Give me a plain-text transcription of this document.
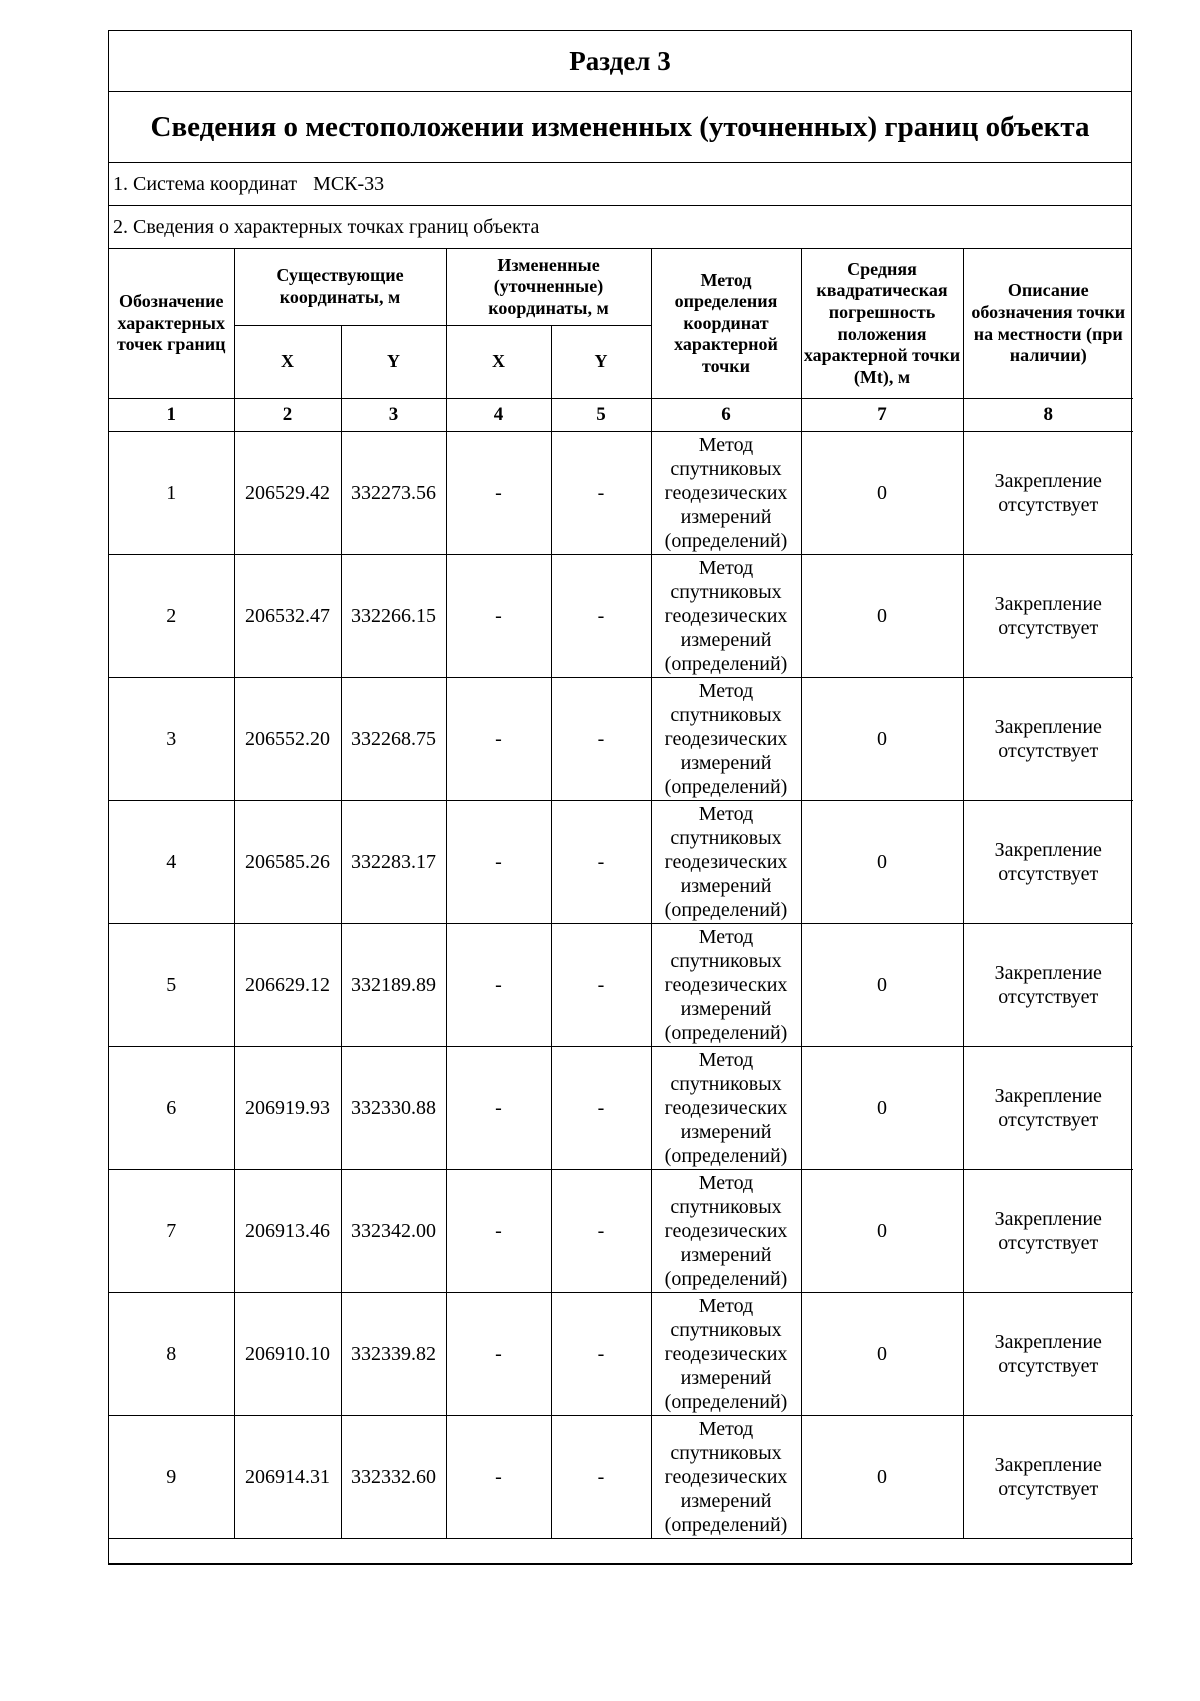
Раздел 3
Сведения о местоположении измененных (уточненных) границ объекта
1. Система координат МСК-33
2. Сведения о характерных точках границ объекта
Обозначение характерных точек границ	Существующие координаты, м		Измененные (уточненные) координаты, м		Метод определения координат характерной точки	Средняя квадратическая погрешность положения характерной точки (Mt), м	Описание обозначения точки на местности (при наличии)
	X	Y	X	Y			
1	2	3	4	5	6	7	8
1	206529.42	332273.56	-	-	Метод спутниковых геодезических измерений (определений)	0	Закрепление отсутствует
2	206532.47	332266.15	-	-	Метод спутниковых геодезических измерений (определений)	0	Закрепление отсутствует
3	206552.20	332268.75	-	-	Метод спутниковых геодезических измерений (определений)	0	Закрепление отсутствует
4	206585.26	332283.17	-	-	Метод спутниковых геодезических измерений (определений)	0	Закрепление отсутствует
5	206629.12	332189.89	-	-	Метод спутниковых геодезических измерений (определений)	0	Закрепление отсутствует
6	206919.93	332330.88	-	-	Метод спутниковых геодезических измерений (определений)	0	Закрепление отсутствует
7	206913.46	332342.00	-	-	Метод спутниковых геодезических измерений (определений)	0	Закрепление отсутствует
8	206910.10	332339.82	-	-	Метод спутниковых геодезических измерений (определений)	0	Закрепление отсутствует
9	206914.31	332332.60	-	-	Метод спутниковых геодезических измерений (определений)	0	Закрепление отсутствует
